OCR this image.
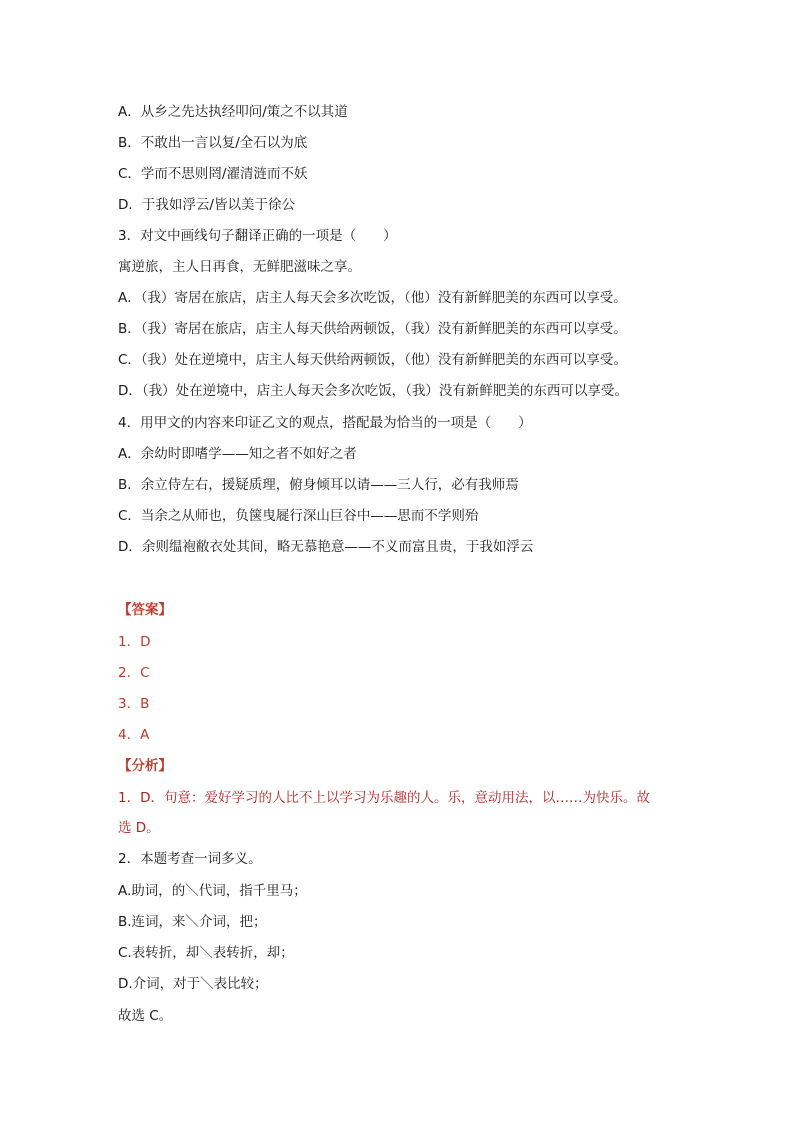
A．从乡之先达执经叩问/策之不以其道
B．不敢出一言以复/全石以为底
C．学而不思则罔/濯清涟而不妖
D．于我如浮云/皆以美于徐公
3．对文中画线句子翻译正确的一项是（　　）
寓逆旅，主人日再食，无鲜肥滋味之享。
A．（我）寄居在旅店，店主人每天会多次吃饭，（他）没有新鲜肥美的东西可以享受。
B．（我）寄居在旅店，店主人每天供给两顿饭，（我）没有新鲜肥美的东西可以享受。
C．（我）处在逆境中，店主人每天供给两顿饭，（他）没有新鲜肥美的东西可以享受。
D．（我）处在逆境中，店主人每天会多次吃饭，（我）没有新鲜肥美的东西可以享受。
4．用甲文的内容来印证乙文的观点，搭配最为恰当的一项是（　　）
A．余幼时即嗜学——知之者不如好之者
B．余立侍左右，援疑质理，俯身倾耳以请——三人行，必有我师焉
C．当余之从师也，负箧曳屣行深山巨谷中——思而不学则殆
D．余则缊袍敝衣处其间，略无慕艳意——不义而富且贵，于我如浮云
【答案】
1．D
2．C
3．B
4．A
【分析】
1．D．句意：爱好学习的人比不上以学习为乐趣的人。乐，意动用法，以……为快乐。故
选 D。
2．本题考查一词多义。
A.助词，的＼代词，指千里马；
B.连词，来＼介词，把；
C.表转折，却＼表转折，却；
D.介词，对于＼表比较；
故选 C。
